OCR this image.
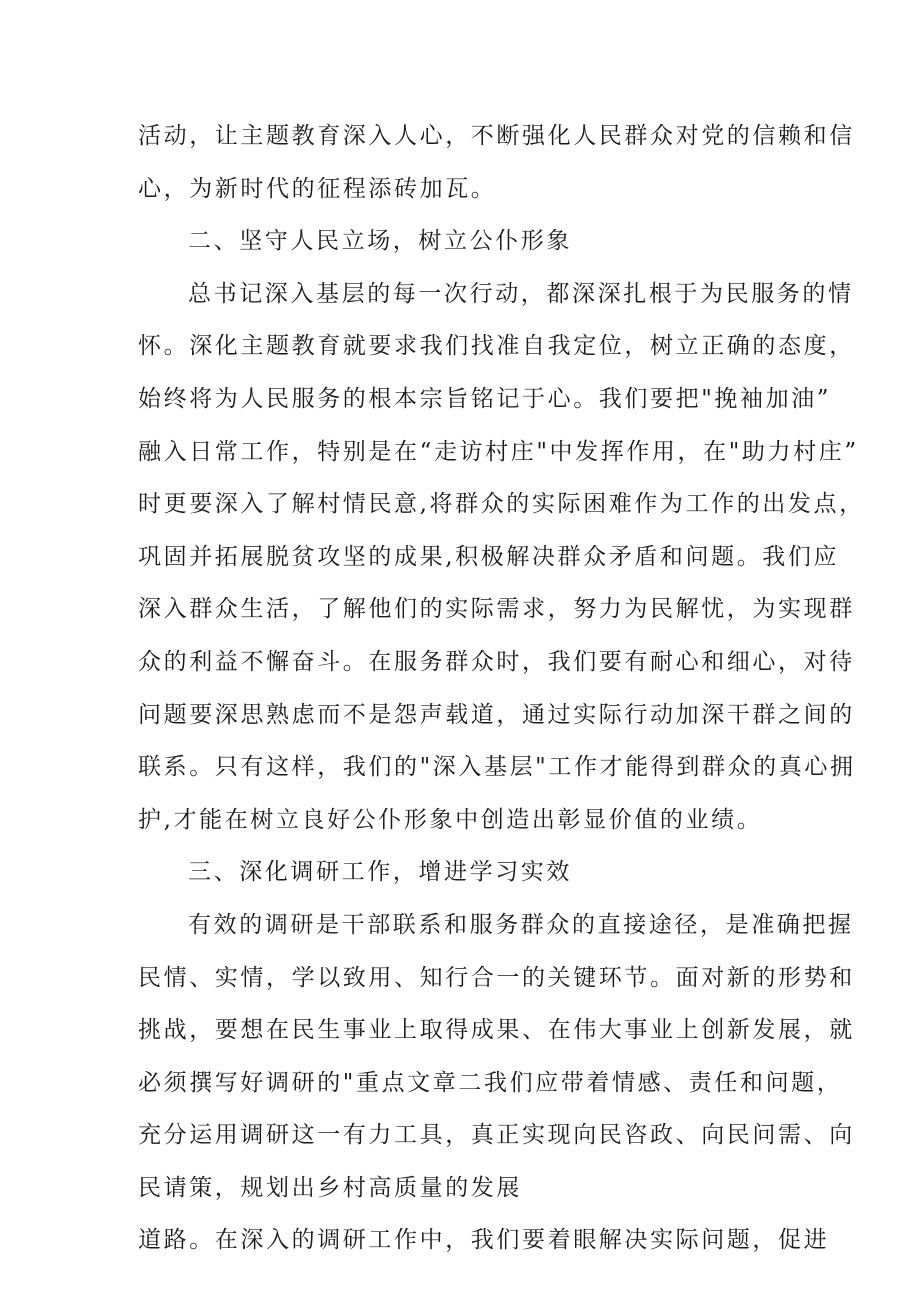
活动，让主题教育深入人心，不断强化人民群众对党的信赖和信
心，为新时代的征程添砖加瓦。
二、坚守人民立场，树立公仆形象
总书记深入基层的每一次行动，都深深扎根于为民服务的情
怀。深化主题教育就要求我们找准自我定位，树立正确的态度，
始终将为人民服务的根本宗旨铭记于心。我们要把"挽袖加油”
融入日常工作，特别是在“走访村庄"中发挥作用，在"助力村庄”
时更要深入了解村情民意,将群众的实际困难作为工作的出发点，
巩固并拓展脱贫攻坚的成果,积极解决群众矛盾和问题。我们应
深入群众生活，了解他们的实际需求，努力为民解忧，为实现群
众的利益不懈奋斗。在服务群众时，我们要有耐心和细心，对待
问题要深思熟虑而不是怨声载道，通过实际行动加深干群之间的
联系。只有这样，我们的"深入基层"工作才能得到群众的真心拥
护,才能在树立良好公仆形象中创造出彰显价值的业绩。
三、深化调研工作，增进学习实效
有效的调研是干部联系和服务群众的直接途径，是准确把握
民情、实情，学以致用、知行合一的关键环节。面对新的形势和
挑战，要想在民生事业上取得成果、在伟大事业上创新发展，就
必须撰写好调研的"重点文章二我们应带着情感、责任和问题，
充分运用调研这一有力工具，真正实现向民咨政、向民问需、向
民请策，规划出乡村高质量的发展
道路。在深入的调研工作中，我们要着眼解决实际问题，促进
